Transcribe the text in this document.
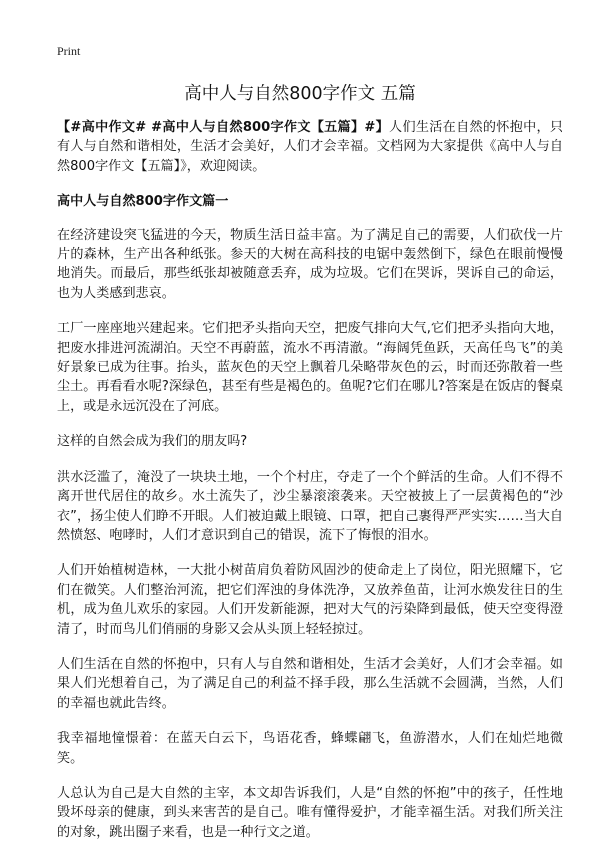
Print
高中人与自然800字作文 五篇

【#高中作文# #高中人与自然800字作文【五篇】#】人们生活在自然的怀抱中，只有人与自然和谐相处，生活才会美好，人们才会幸福。文档网为大家提供《高中人与自然800字作文【五篇】》，欢迎阅读。

高中人与自然800字作文篇一

在经济建设突飞猛进的今天，物质生活日益丰富。为了满足自己的需要，人们砍伐一片片的森林，生产出各种纸张。参天的大树在高科技的电锯中轰然倒下，绿色在眼前慢慢地消失。而最后，那些纸张却被随意丢弃，成为垃圾。它们在哭诉，哭诉自己的命运，也为人类感到悲哀。

工厂一座座地兴建起来。它们把矛头指向天空，把废气排向大气,它们把矛头指向大地，把废水排进河流湖泊。天空不再蔚蓝，流水不再清澈。“海阔凭鱼跃，天高任鸟飞”的美好景象已成为往事。抬头，蓝灰色的天空上飘着几朵略带灰色的云，时而还弥散着一些尘土。再看看水呢?深绿色，甚至有些是褐色的。鱼呢?它们在哪儿?答案是在饭店的餐桌上，或是永远沉没在了河底。

这样的自然会成为我们的朋友吗?

洪水泛滥了，淹没了一块块土地，一个个村庄，夺走了一个个鲜活的生命。人们不得不离开世代居住的故乡。水土流失了，沙尘暴滚滚袭来。天空被披上了一层黄褐色的“沙衣”，扬尘使人们睁不开眼。人们被迫戴上眼镜、口罩，把自己裹得严严实实……当大自然愤怒、咆哮时，人们才意识到自己的错误，流下了悔恨的泪水。

人们开始植树造林，一大批小树苗肩负着防风固沙的使命走上了岗位，阳光照耀下，它们在微笑。人们整治河流，把它们浑浊的身体洗净，又放养鱼苗，让河水焕发往日的生机，成为鱼儿欢乐的家园。人们开发新能源，把对大气的污染降到最低，使天空变得澄清了，时而鸟儿们俏丽的身影又会从头顶上轻轻掠过。

人们生活在自然的怀抱中，只有人与自然和谐相处，生活才会美好，人们才会幸福。如果人们光想着自己，为了满足自己的利益不择手段，那么生活就不会圆满，当然，人们的幸福也就此告终。

我幸福地憧憬着：在蓝天白云下，鸟语花香，蜂蝶翩飞，鱼游潜水，人们在灿烂地微笑。

人总认为自己是大自然的主宰，本文却告诉我们，人是“自然的怀抱”中的孩子，任性地毁坏母亲的健康，到头来害苦的是自己。唯有懂得爱护，才能幸福生活。对我们所关注的对象，跳出圈子来看，也是一种行文之道。
